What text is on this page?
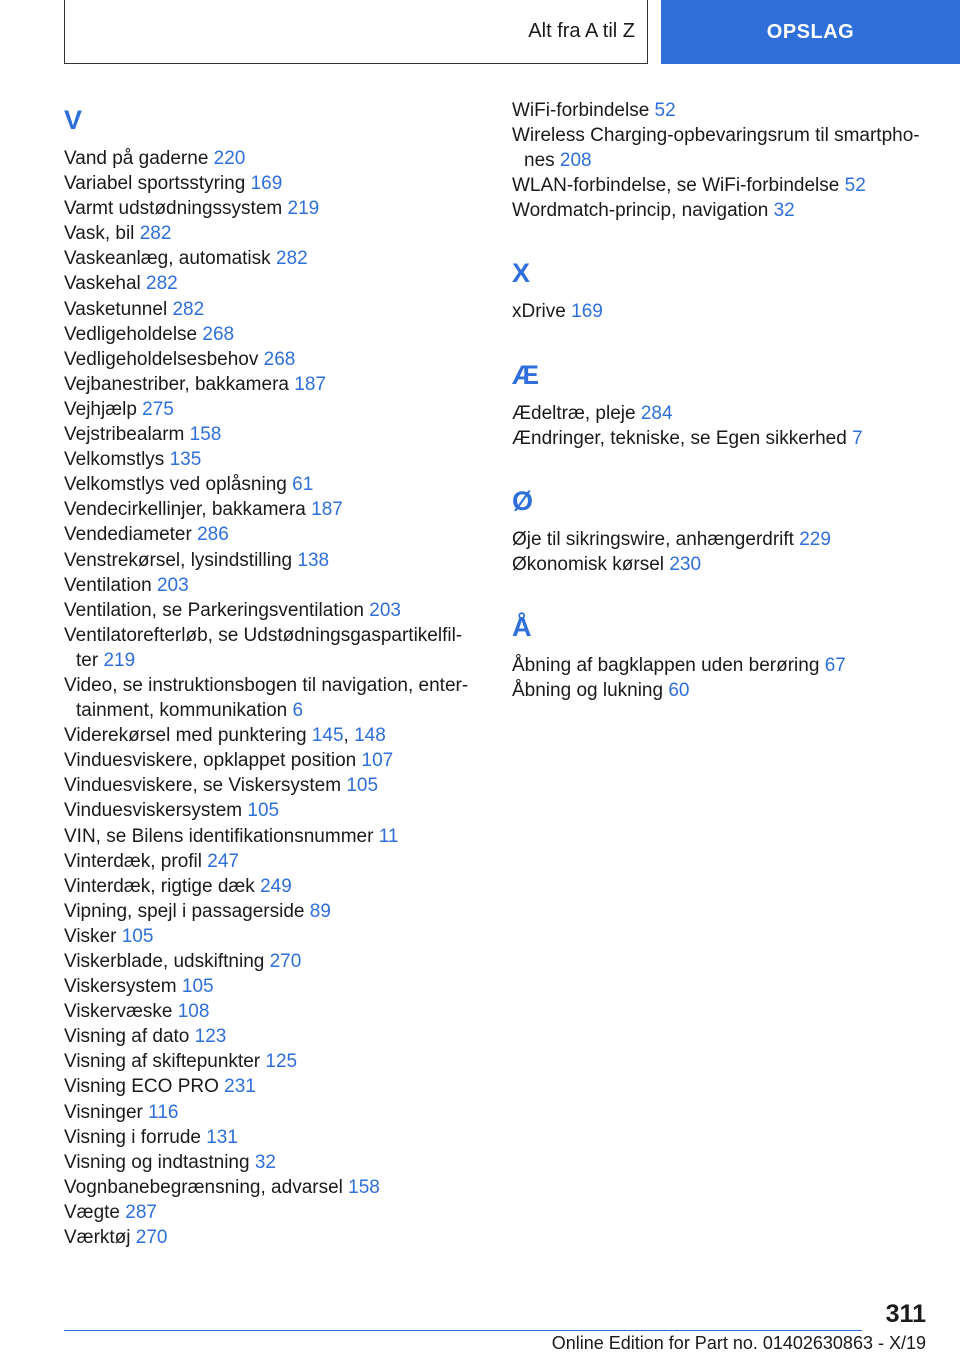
Alt fra A til Z	OPSLAG
V
Vand på gaderne 220
Variabel sportsstyring 169
Varmt udstødningssystem 219
Vask, bil 282
Vaskeanlæg, automatisk 282
Vaskehal 282
Vasketunnel 282
Vedligeholdelse 268
Vedligeholdelsesbehov 268
Vejbanestriber, bakkamera 187
Vejhjælp 275
Vejstribealarm 158
Velkomstlys 135
Velkomstlys ved oplåsning 61
Vendecirkellinjer, bakkamera 187
Vendediameter 286
Venstrekørsel, lysindstilling 138
Ventilation 203
Ventilation, se Parkeringsventilation 203
Ventilatorefterløb, se Udstødningsgaspartikelfil‐ter 219
Video, se instruktionsbogen til navigation, enter‐tainment, kommunikation 6
Viderekørsel med punktering 145, 148
Vinduesviskere, opklappet position 107
Vinduesviskere, se Viskersystem 105
Vinduesviskersystem 105
VIN, se Bilens identifikationsnummer 11
Vinterdæk, profil 247
Vinterdæk, rigtige dæk 249
Vipning, spejl i passagerside 89
Visker 105
Viskerblade, udskiftning 270
Viskersystem 105
Viskervæske 108
Visning af dato 123
Visning af skiftepunkter 125
Visning ECO PRO 231
Visninger 116
Visning i forrude 131
Visning og indtastning 32
Vognbanebegrænsning, advarsel 158
Vægte 287
Værktøj 270
WiFi-forbindelse 52
Wireless Charging-opbevaringsrum til smartpho‐nes 208
WLAN-forbindelse, se WiFi-forbindelse 52
Wordmatch-princip, navigation 32
X
xDrive 169
Æ
Ædeltræ, pleje 284
Ændringer, tekniske, se Egen sikkerhed 7
Ø
Øje til sikringswire, anhængerdrift 229
Økonomisk kørsel 230
Å
Åbning af bagklappen uden berøring 67
Åbning og lukning 60
311
Online Edition for Part no. 01402630863 - X/19
